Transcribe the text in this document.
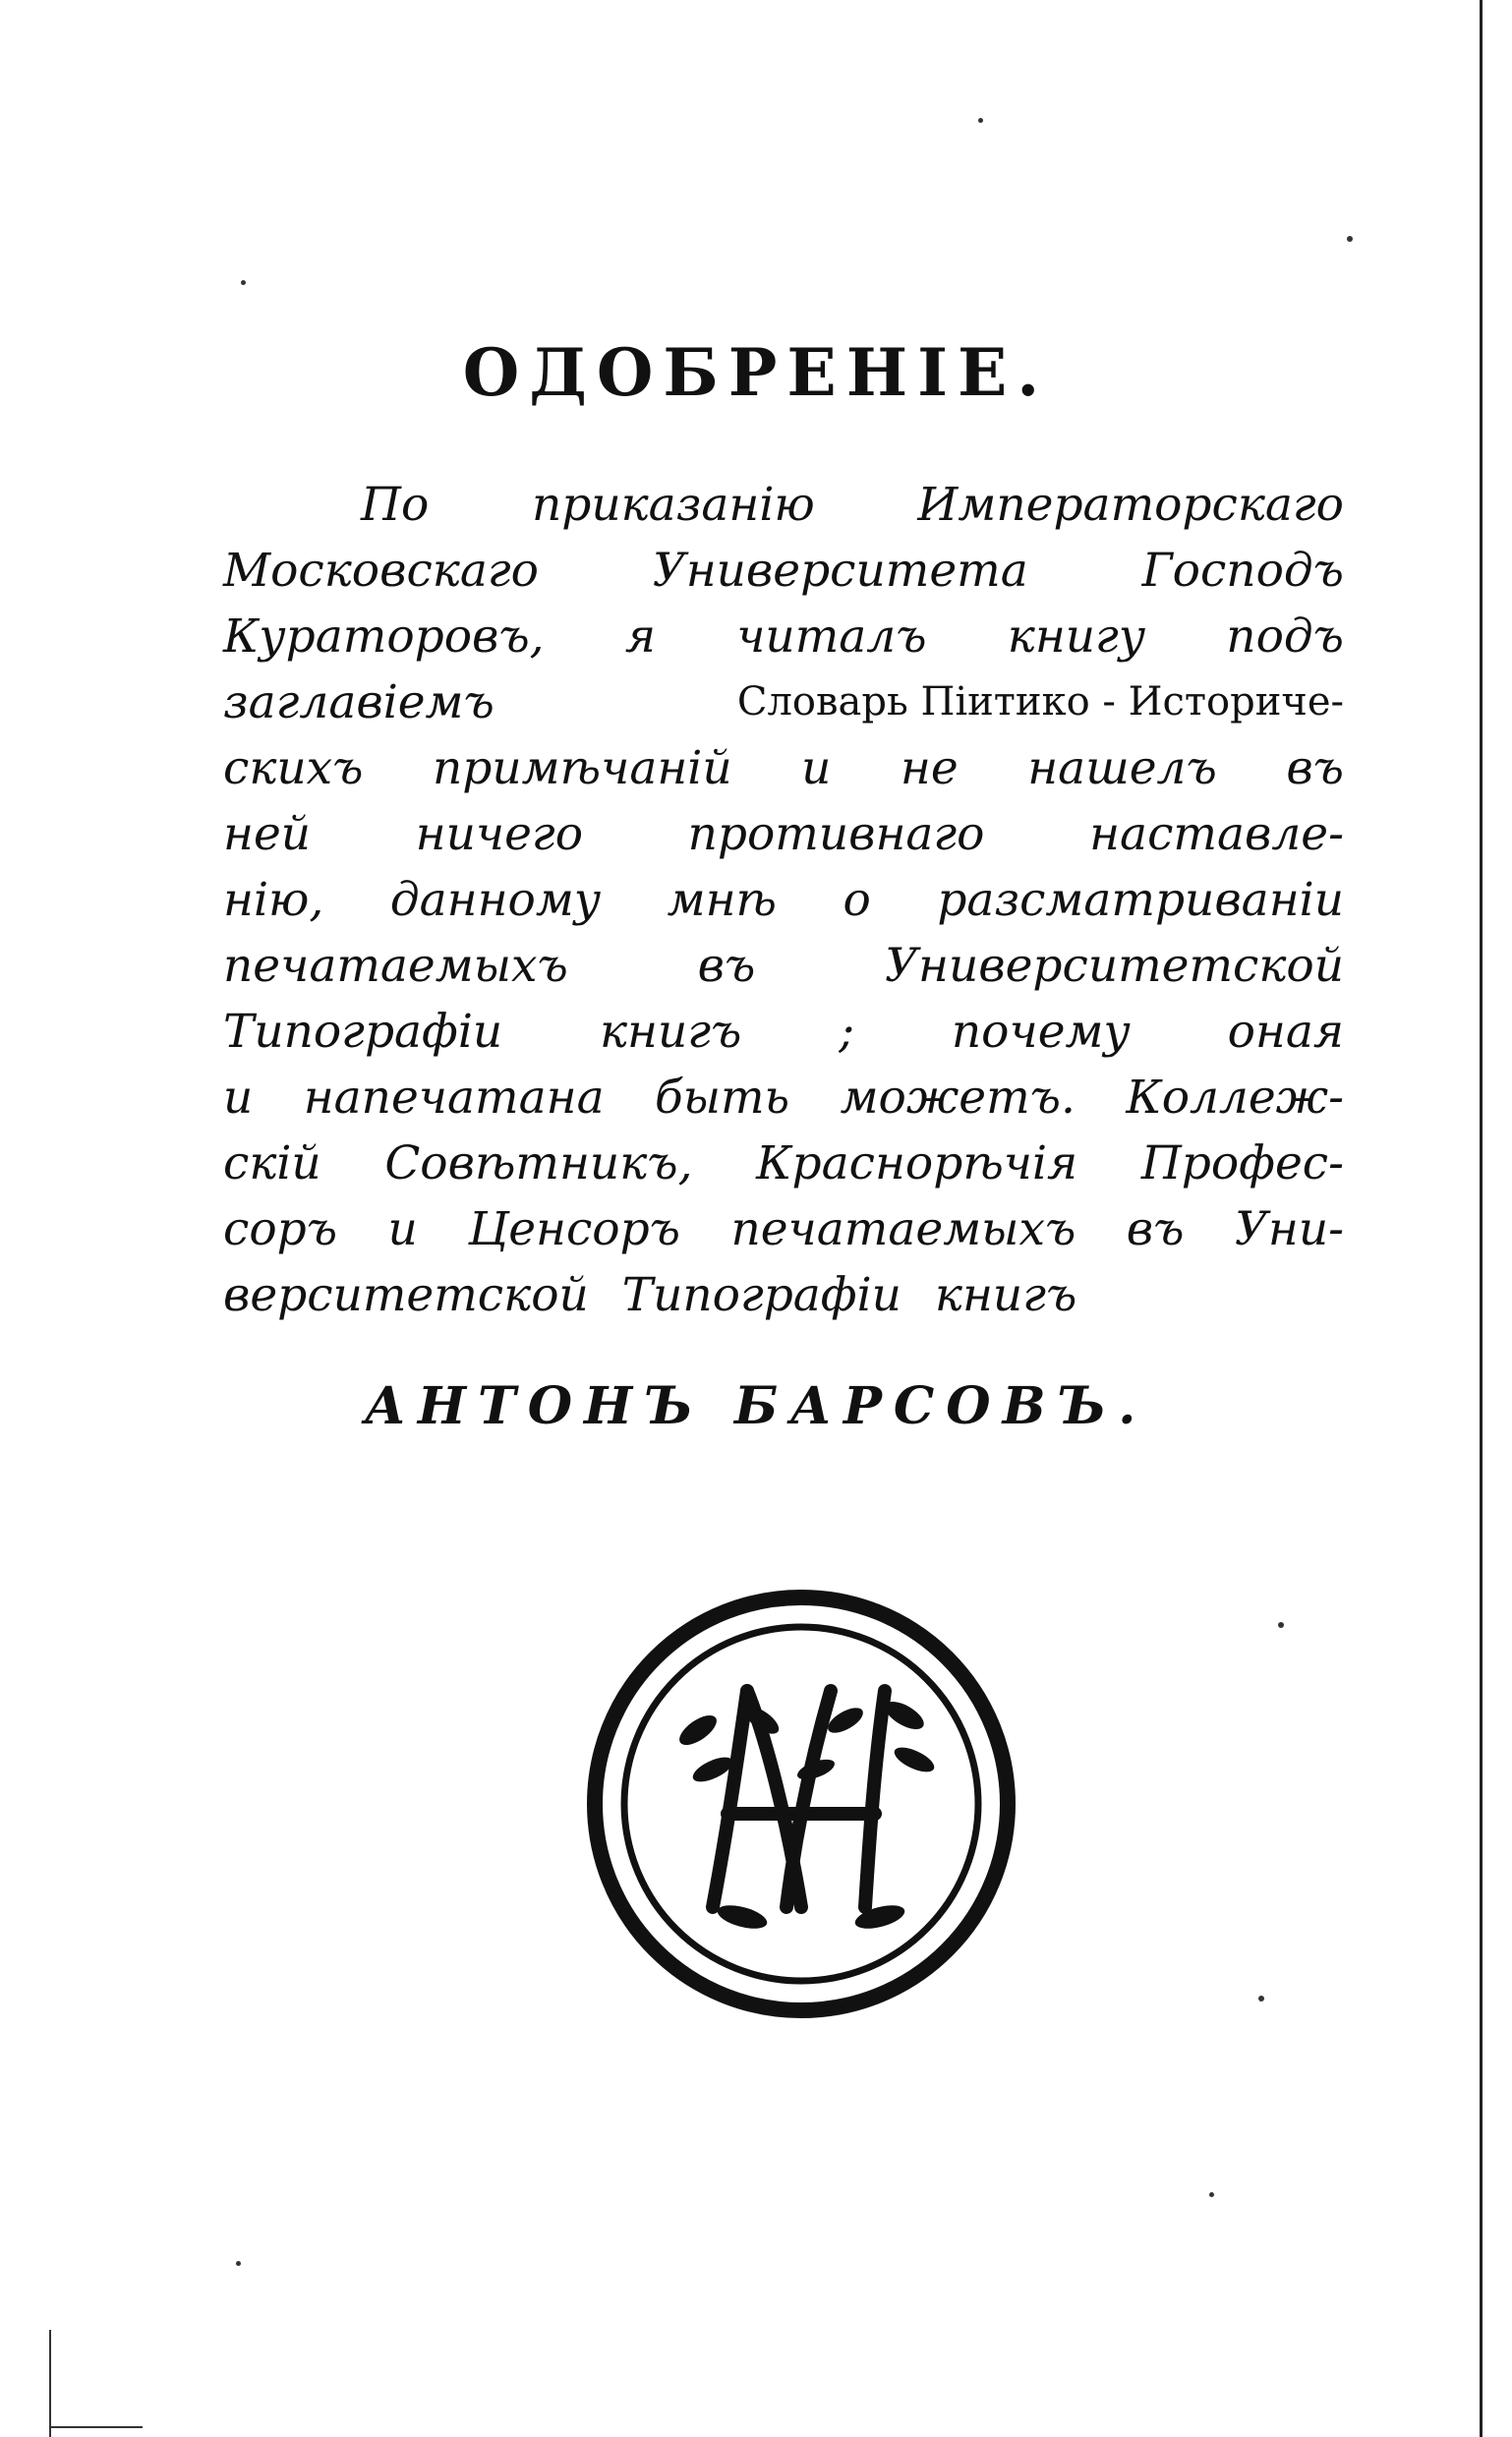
ОДОБРЕНІЕ.
По приказанію Императорскаго
Московскаго Университета Господъ
Кураторовъ, я читалъ книгу подъ
заглавіемъ	Словарь Піитико - Историче-
скихъ примѣчаній и не нашелъ въ
ней ничего противнаго наставле-
нію, данному мнѣ о разсматриваніи
печатаемыхъ	въ	Университетской
Типографіи книгъ ; почему оная
и напечатана быть можетъ. Коллеж-
скій Совѣтникъ, Краснорѣчія Профес-
соръ и Ценсоръ печатаемыхъ въ Уни-
верситетской Типографіи книгъ
АНТОНЪ БАРСОВЪ.
